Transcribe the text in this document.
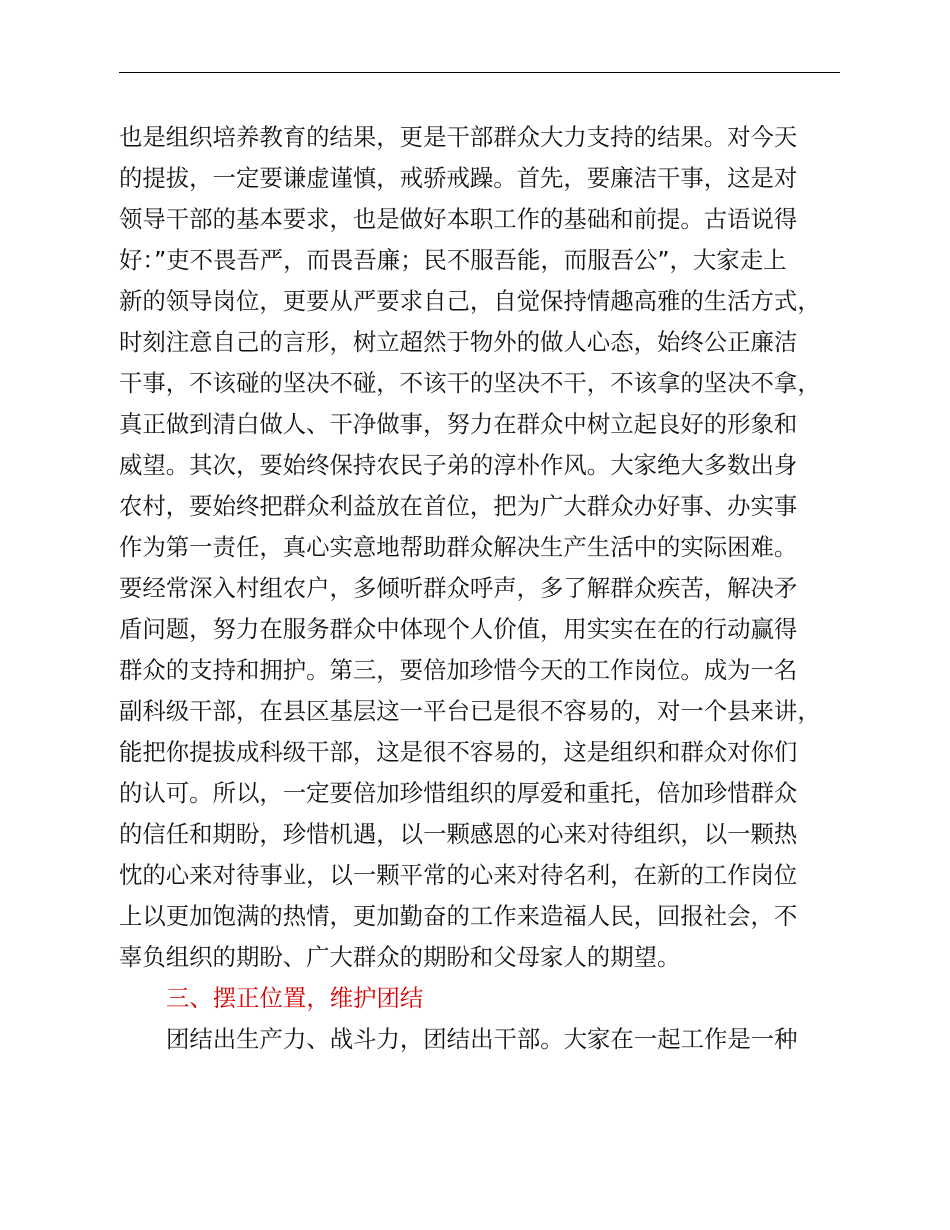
也是组织培养教育的结果，更是干部群众大力支持的结果。对今天
的提拔，一定要谦虚谨慎，戒骄戒躁。首先，要廉洁干事，这是对
领导干部的基本要求，也是做好本职工作的基础和前提。古语说得
好：”吏不畏吾严，而畏吾廉；民不服吾能，而服吾公”，大家走上
新的领导岗位，更要从严要求自己，自觉保持情趣高雅的生活方式，
时刻注意自己的言形，树立超然于物外的做人心态，始终公正廉洁
干事，不该碰的坚决不碰，不该干的坚决不干，不该拿的坚决不拿，
真正做到清白做人、干净做事，努力在群众中树立起良好的形象和
威望。其次，要始终保持农民子弟的淳朴作风。大家绝大多数出身
农村，要始终把群众利益放在首位，把为广大群众办好事、办实事
作为第一责任，真心实意地帮助群众解决生产生活中的实际困难。
要经常深入村组农户，多倾听群众呼声，多了解群众疾苦，解决矛
盾问题，努力在服务群众中体现个人价值，用实实在在的行动赢得
群众的支持和拥护。第三，要倍加珍惜今天的工作岗位。成为一名
副科级干部，在县区基层这一平台已是很不容易的，对一个县来讲，
能把你提拔成科级干部，这是很不容易的，这是组织和群众对你们
的认可。所以，一定要倍加珍惜组织的厚爱和重托，倍加珍惜群众
的信任和期盼，珍惜机遇，以一颗感恩的心来对待组织，以一颗热
忱的心来对待事业，以一颗平常的心来对待名利，在新的工作岗位
上以更加饱满的热情，更加勤奋的工作来造福人民，回报社会，不
辜负组织的期盼、广大群众的期盼和父母家人的期望。
三、摆正位置，维护团结
团结出生产力、战斗力，团结出干部。大家在一起工作是一种
